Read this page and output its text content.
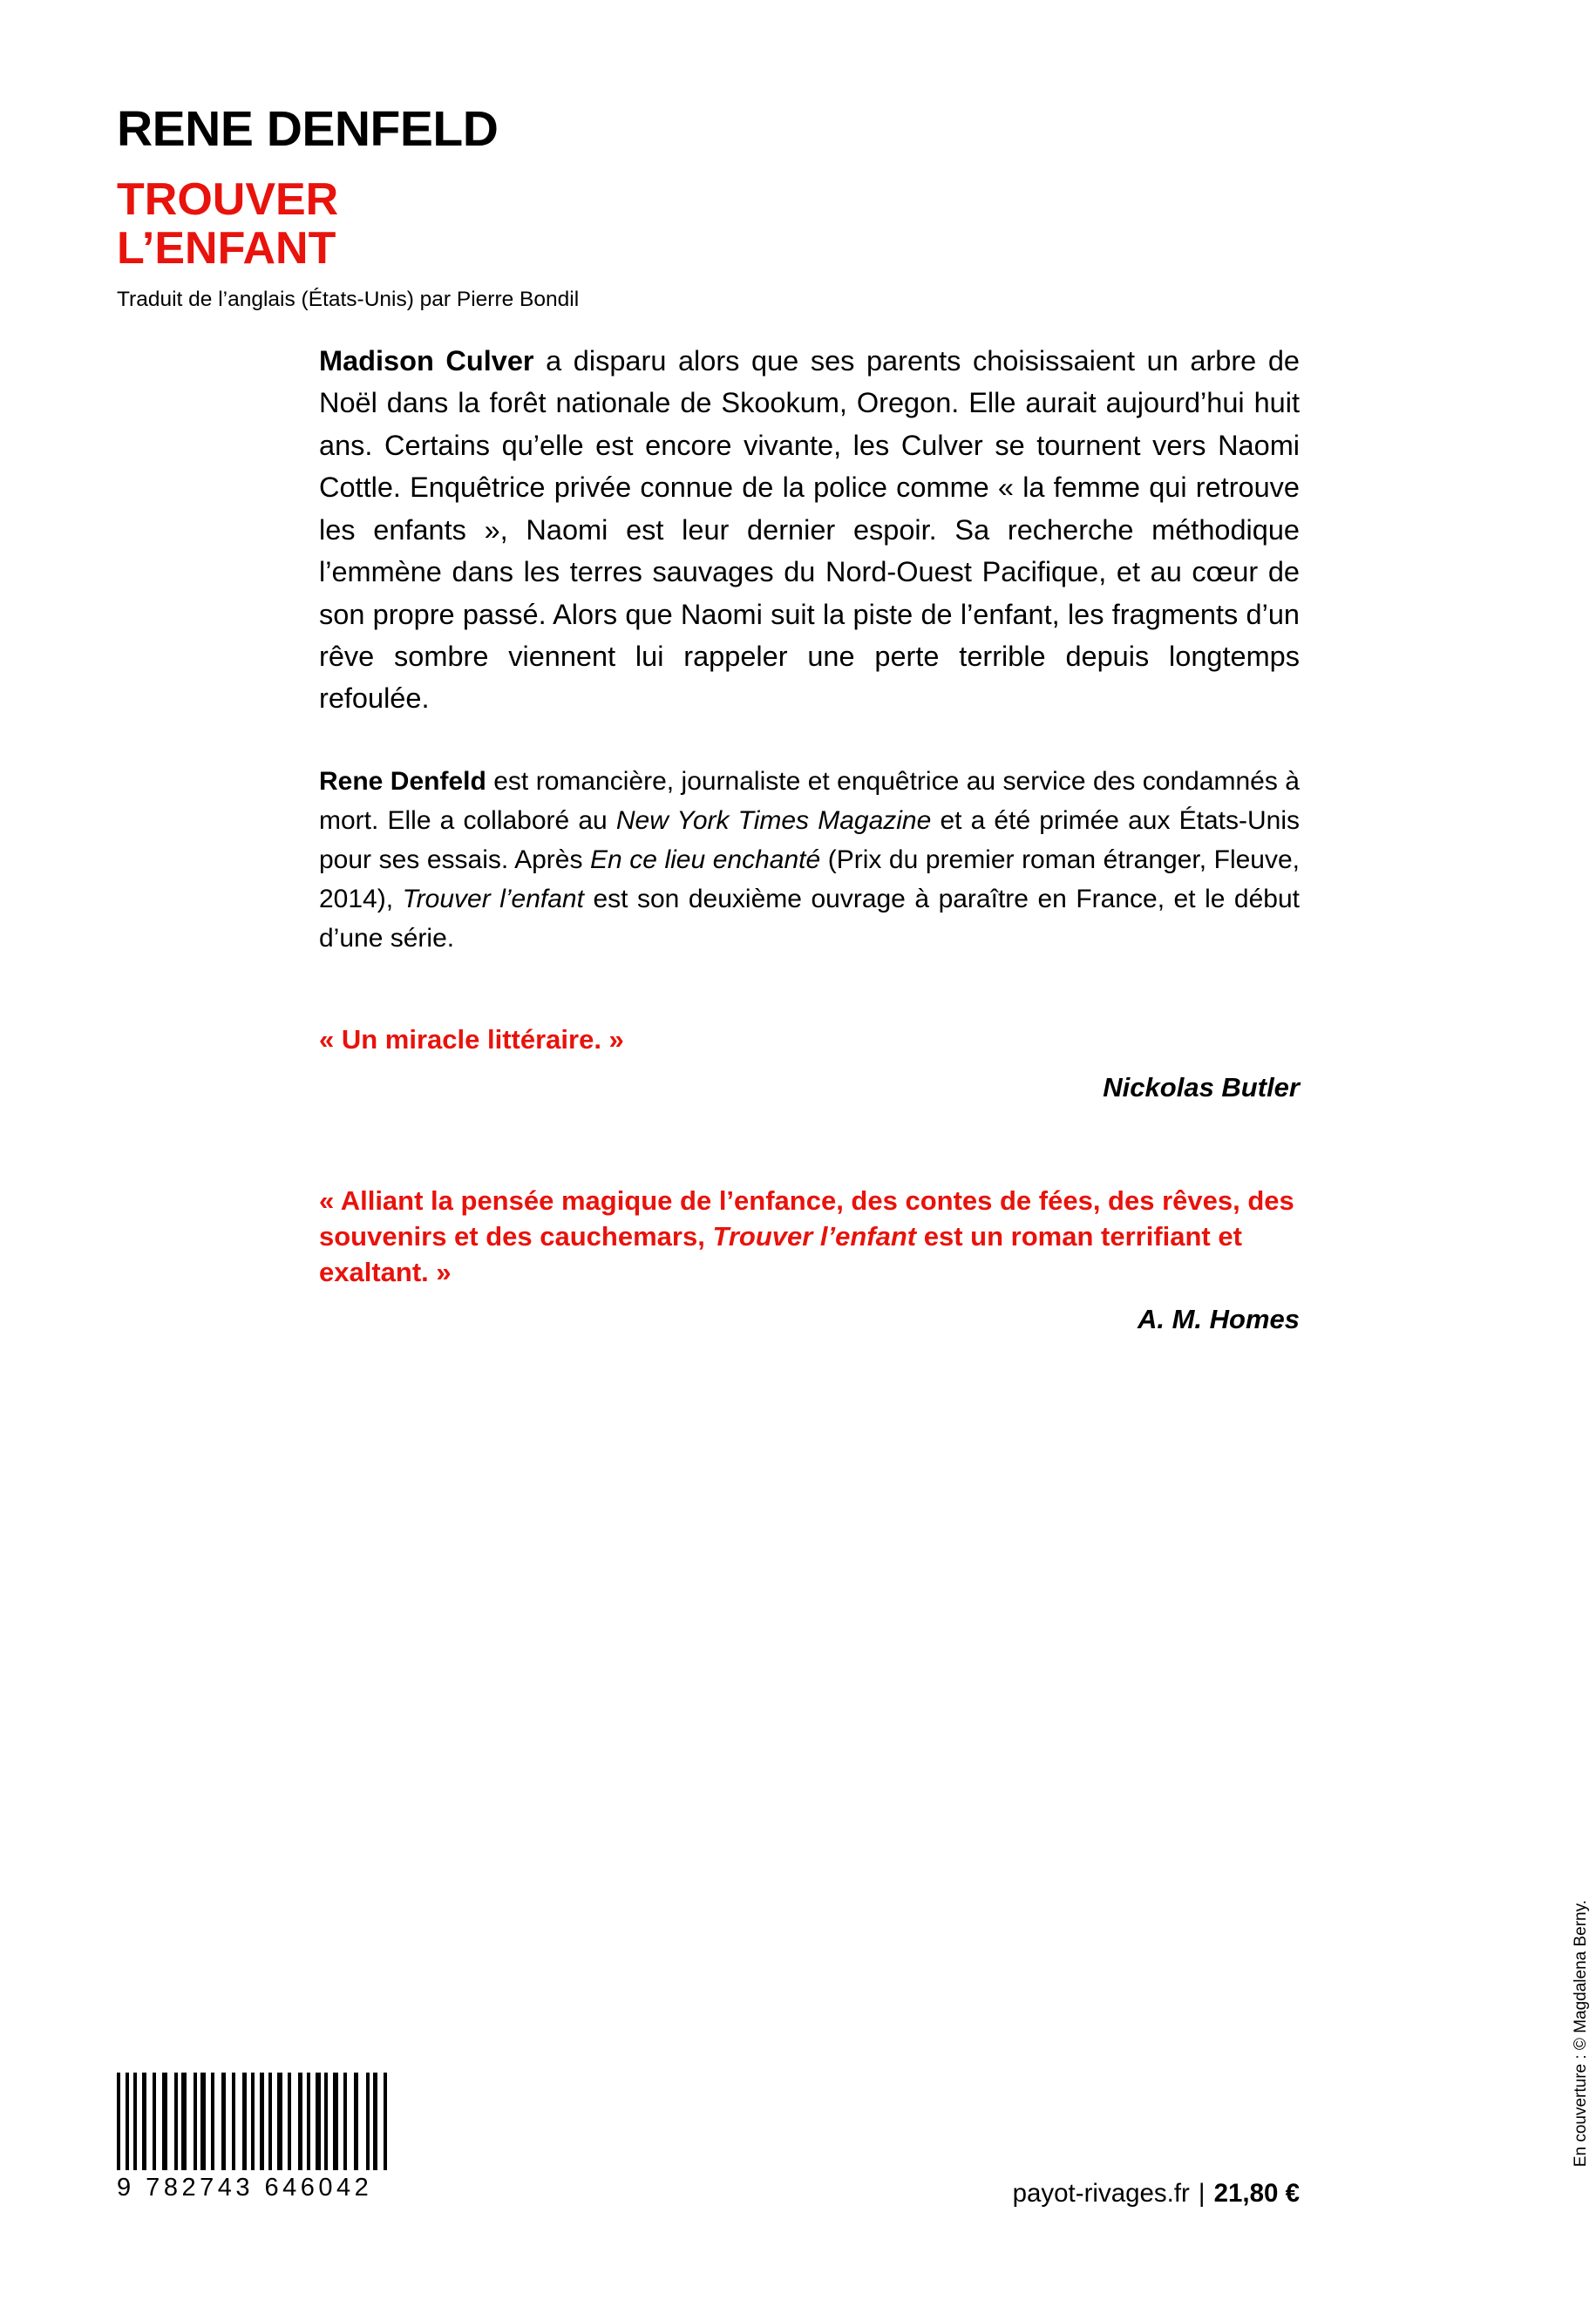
RENE DENFELD
TROUVER
L’ENFANT
Traduit de l’anglais (États-Unis) par Pierre Bondil

Madison Culver a disparu alors que ses parents choisissaient un arbre de Noël dans la forêt nationale de Skookum, Oregon. Elle aurait aujourd’hui huit ans. Certains qu’elle est encore vivante, les Culver se tournent vers Naomi Cottle. Enquêtrice privée connue de la police comme « la femme qui retrouve les enfants », Naomi est leur dernier espoir. Sa recherche méthodique l’emmène dans les terres sauvages du Nord-Ouest Pacifique, et au cœur de son propre passé. Alors que Naomi suit la piste de l’enfant, les fragments d’un rêve sombre viennent lui rappeler une perte terrible depuis longtemps refoulée.

Rene Denfeld est romancière, journaliste et enquêtrice au service des condamnés à mort. Elle a collaboré au New York Times Magazine et a été primée aux États-Unis pour ses essais. Après En ce lieu enchanté (Prix du premier roman étranger, Fleuve, 2014), Trouver l’enfant est son deuxième ouvrage à paraître en France, et le début d’une série.

« Un miracle littéraire. »

Nickolas Butler

« Alliant la pensée magique de l’enfance, des contes de fées, des rêves, des souvenirs et des cauchemars, Trouver l’enfant est un roman terrifiant et exaltant. »

A. M. Homes
9 782743 646042	payot-rivages.fr | 21,80 €
En couverture : © Magdalena Berny.
